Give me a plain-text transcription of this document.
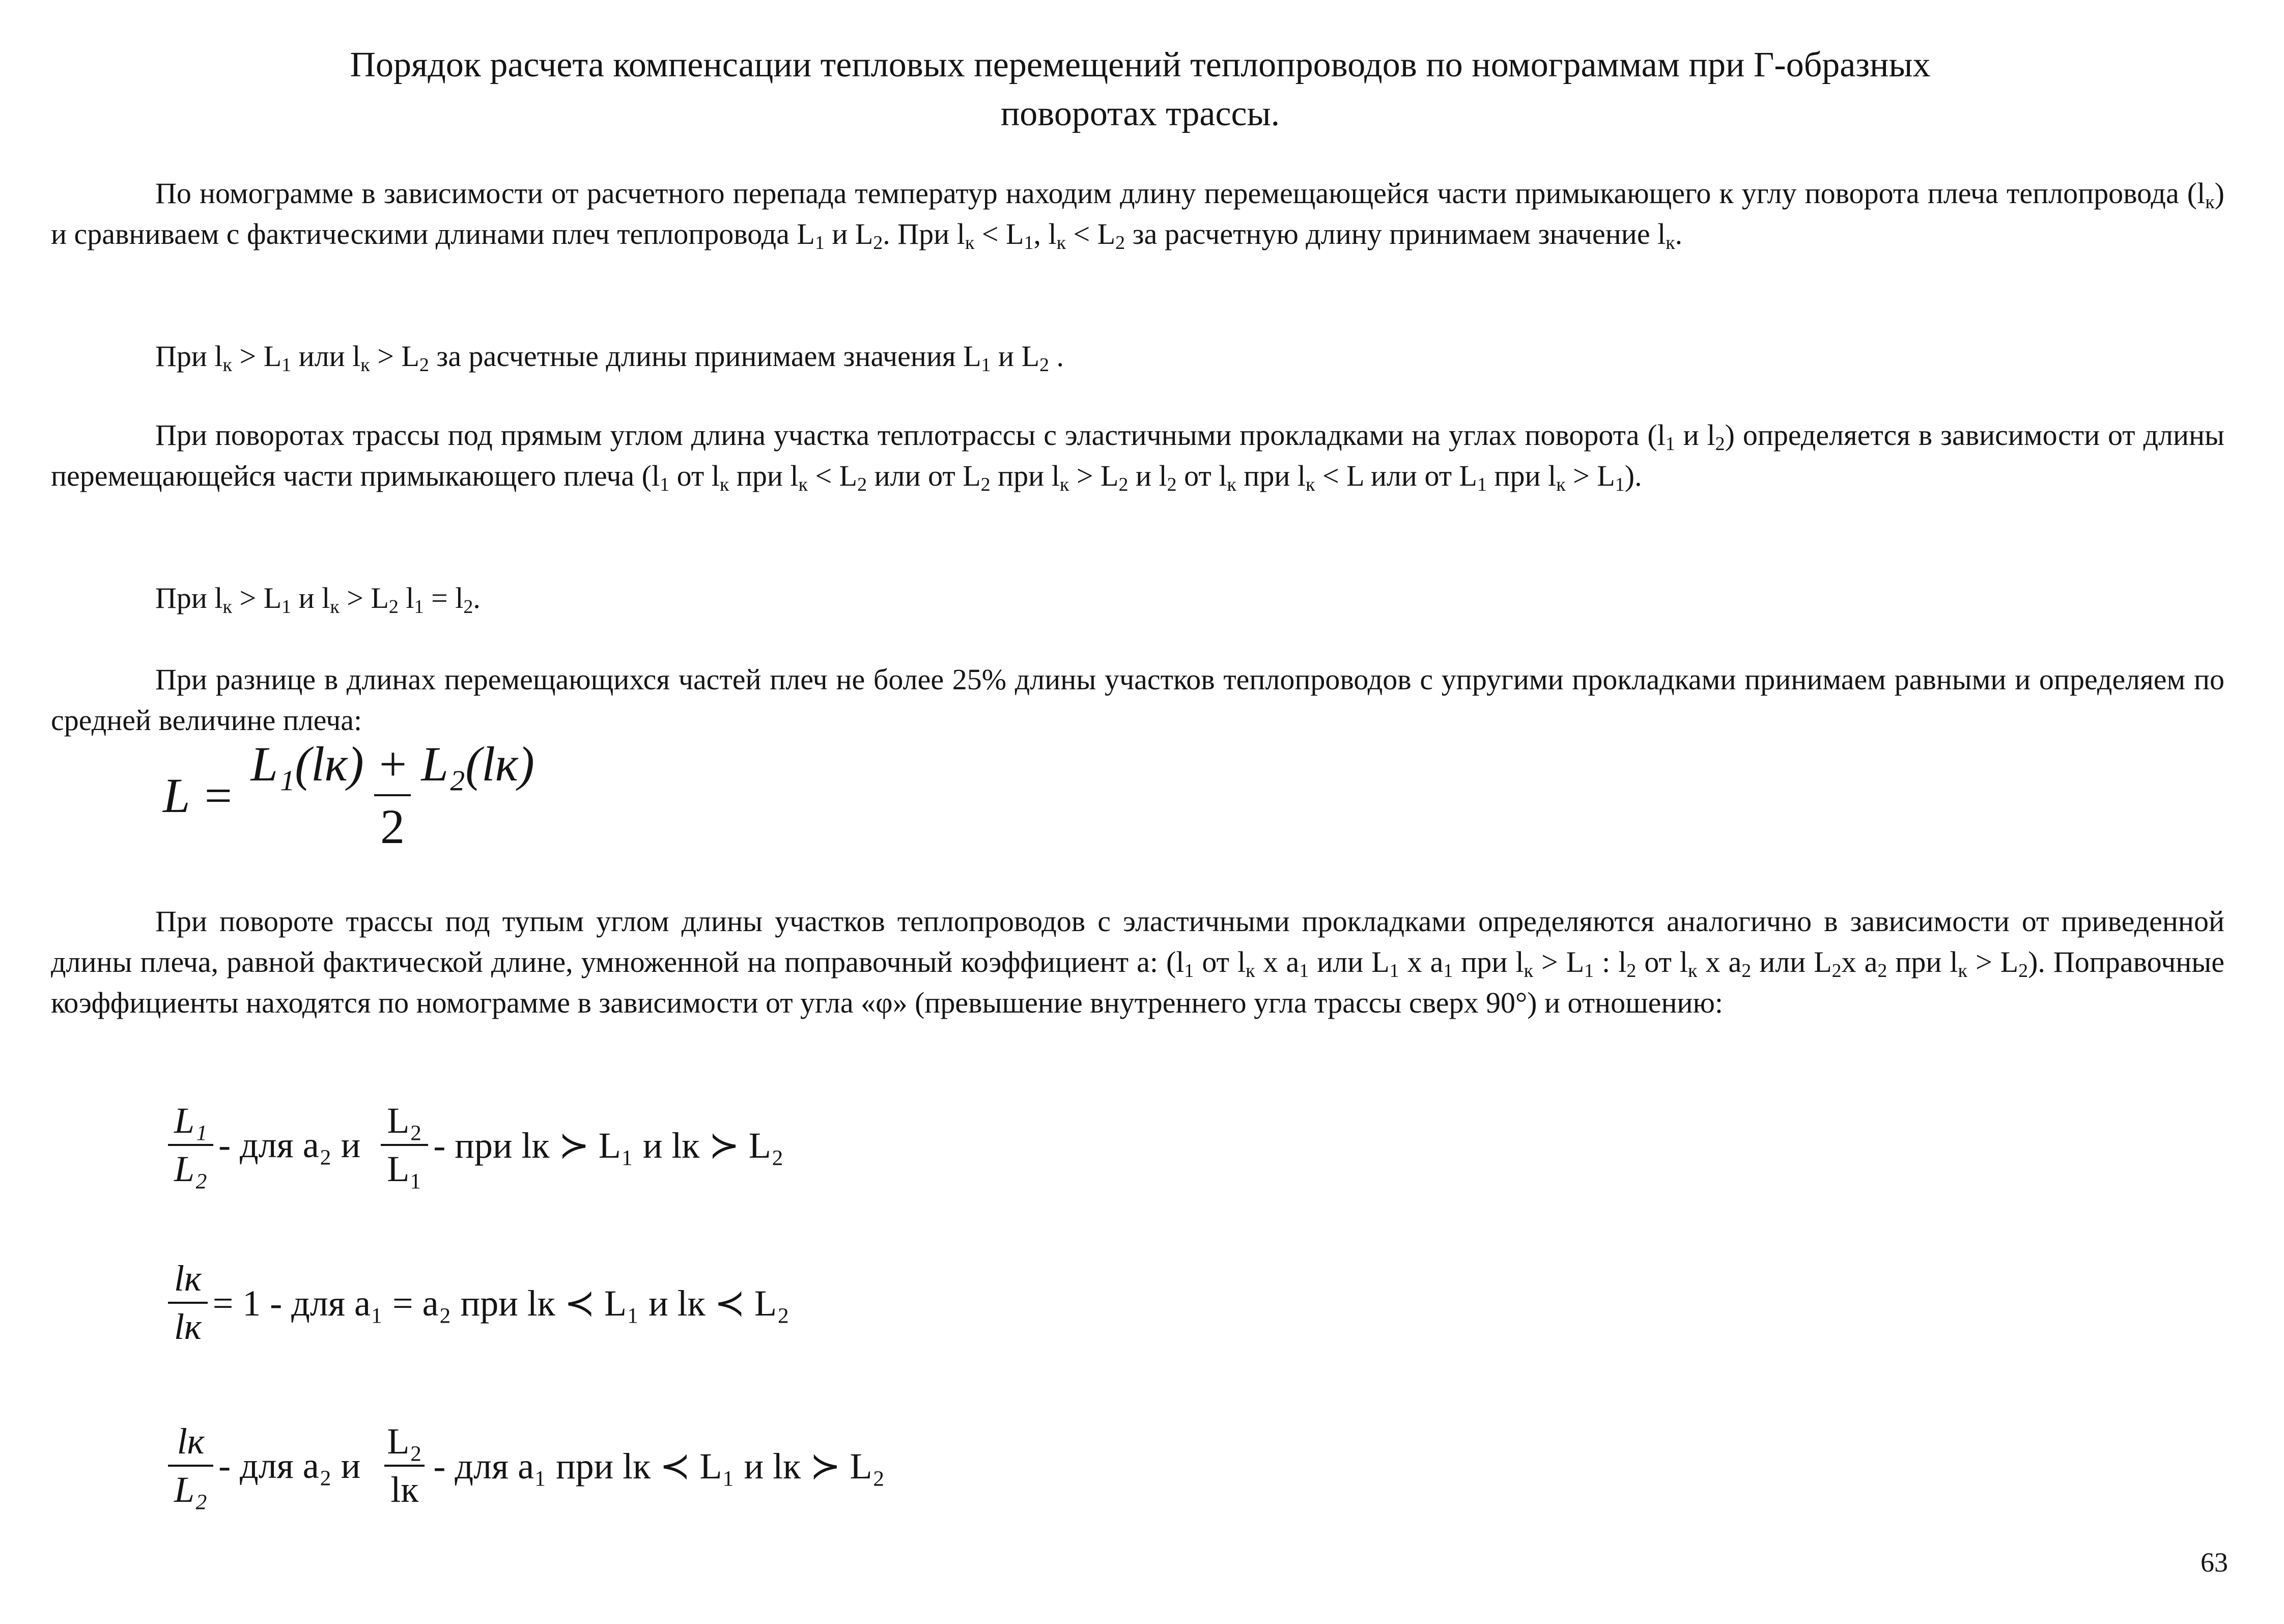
Порядок расчета компенсации тепловых перемещений теплопроводов по номограммам при Г-образных
поворотах трассы.

По номограмме в зависимости от расчетного перепада температур находим длину перемещающейся части примыкающего к углу поворота плеча теплопровода $(l_к)$ и сравниваем с фактическими длинами плеч теплопровода $L_1$ и $L_2$. При $l_к < L_1$, $l_к < L_2$ за расчетную длину принимаем значение $l_к$.

При $l_к > L_1$ или $l_к > L_2$ за расчетные длины принимаем значения $L_1$ и $L_2$ .

При поворотах трассы под прямым углом длина участка теплотрассы с эластичными прокладками на углах поворота ($l_1$ и $l_2$) определяется в зависимости от длины перемещающейся части примыкающего плеча ($l_1$ от $l_к$ при $l_к < L_2$ или от $L_2$ при $l_к > L_2$ и $l_2$ от $l_к$ при $l_к < L$ или от $L_1$ при $l_к > L_1$).

При $l_к > L_1$ и $l_к > L_2$ $l_1 = l_2$.

При разнице в длинах перемещающихся частей плеч не более 25% длины участков теплопроводов с упругими прокладками принимаем равными и определяем по средней величине плеча:

$L = \frac{\text{L₁(lк) + L₂(lк)}}{2}$

При повороте трассы под тупым углом длины участков теплопроводов с эластичными прокладками определяются аналогично в зависимости от приведенной длины плеча, равной фактической длине, умноженной на поправочный коэффициент а: ($l_1$ от $l_к$ x $a_1$ или $L_1$ x $a_1$ при $l_к > L_1$ : $l_2$ от $l_к$ x $a_2$ или $L_2x$ $a_2$ при $l_к > L_2$). Поправочные коэффициенты находятся по номограмме в зависимости от угла «φ» (превышение внутреннего угла трассы сверх 90°) и отношению:

$\frac{\text{L₁}}{\text{L₂}}$ - для a₂ и $\frac{\text{L₂}}{\text{L₁}}$ - при lк ≻ L₁ и lк ≻ L₂
$\frac{lк}{lк} = 1$ - для a₁ = a₂ при lк ≺ L₁ и lк ≺ L₂
$\frac{lк}{\text{L₂}}$ - для a₂ и $\frac{\text{L₂}}{lк}$ - для a₁ при lк ≺ L₁ и lк ≻ L₂
63
